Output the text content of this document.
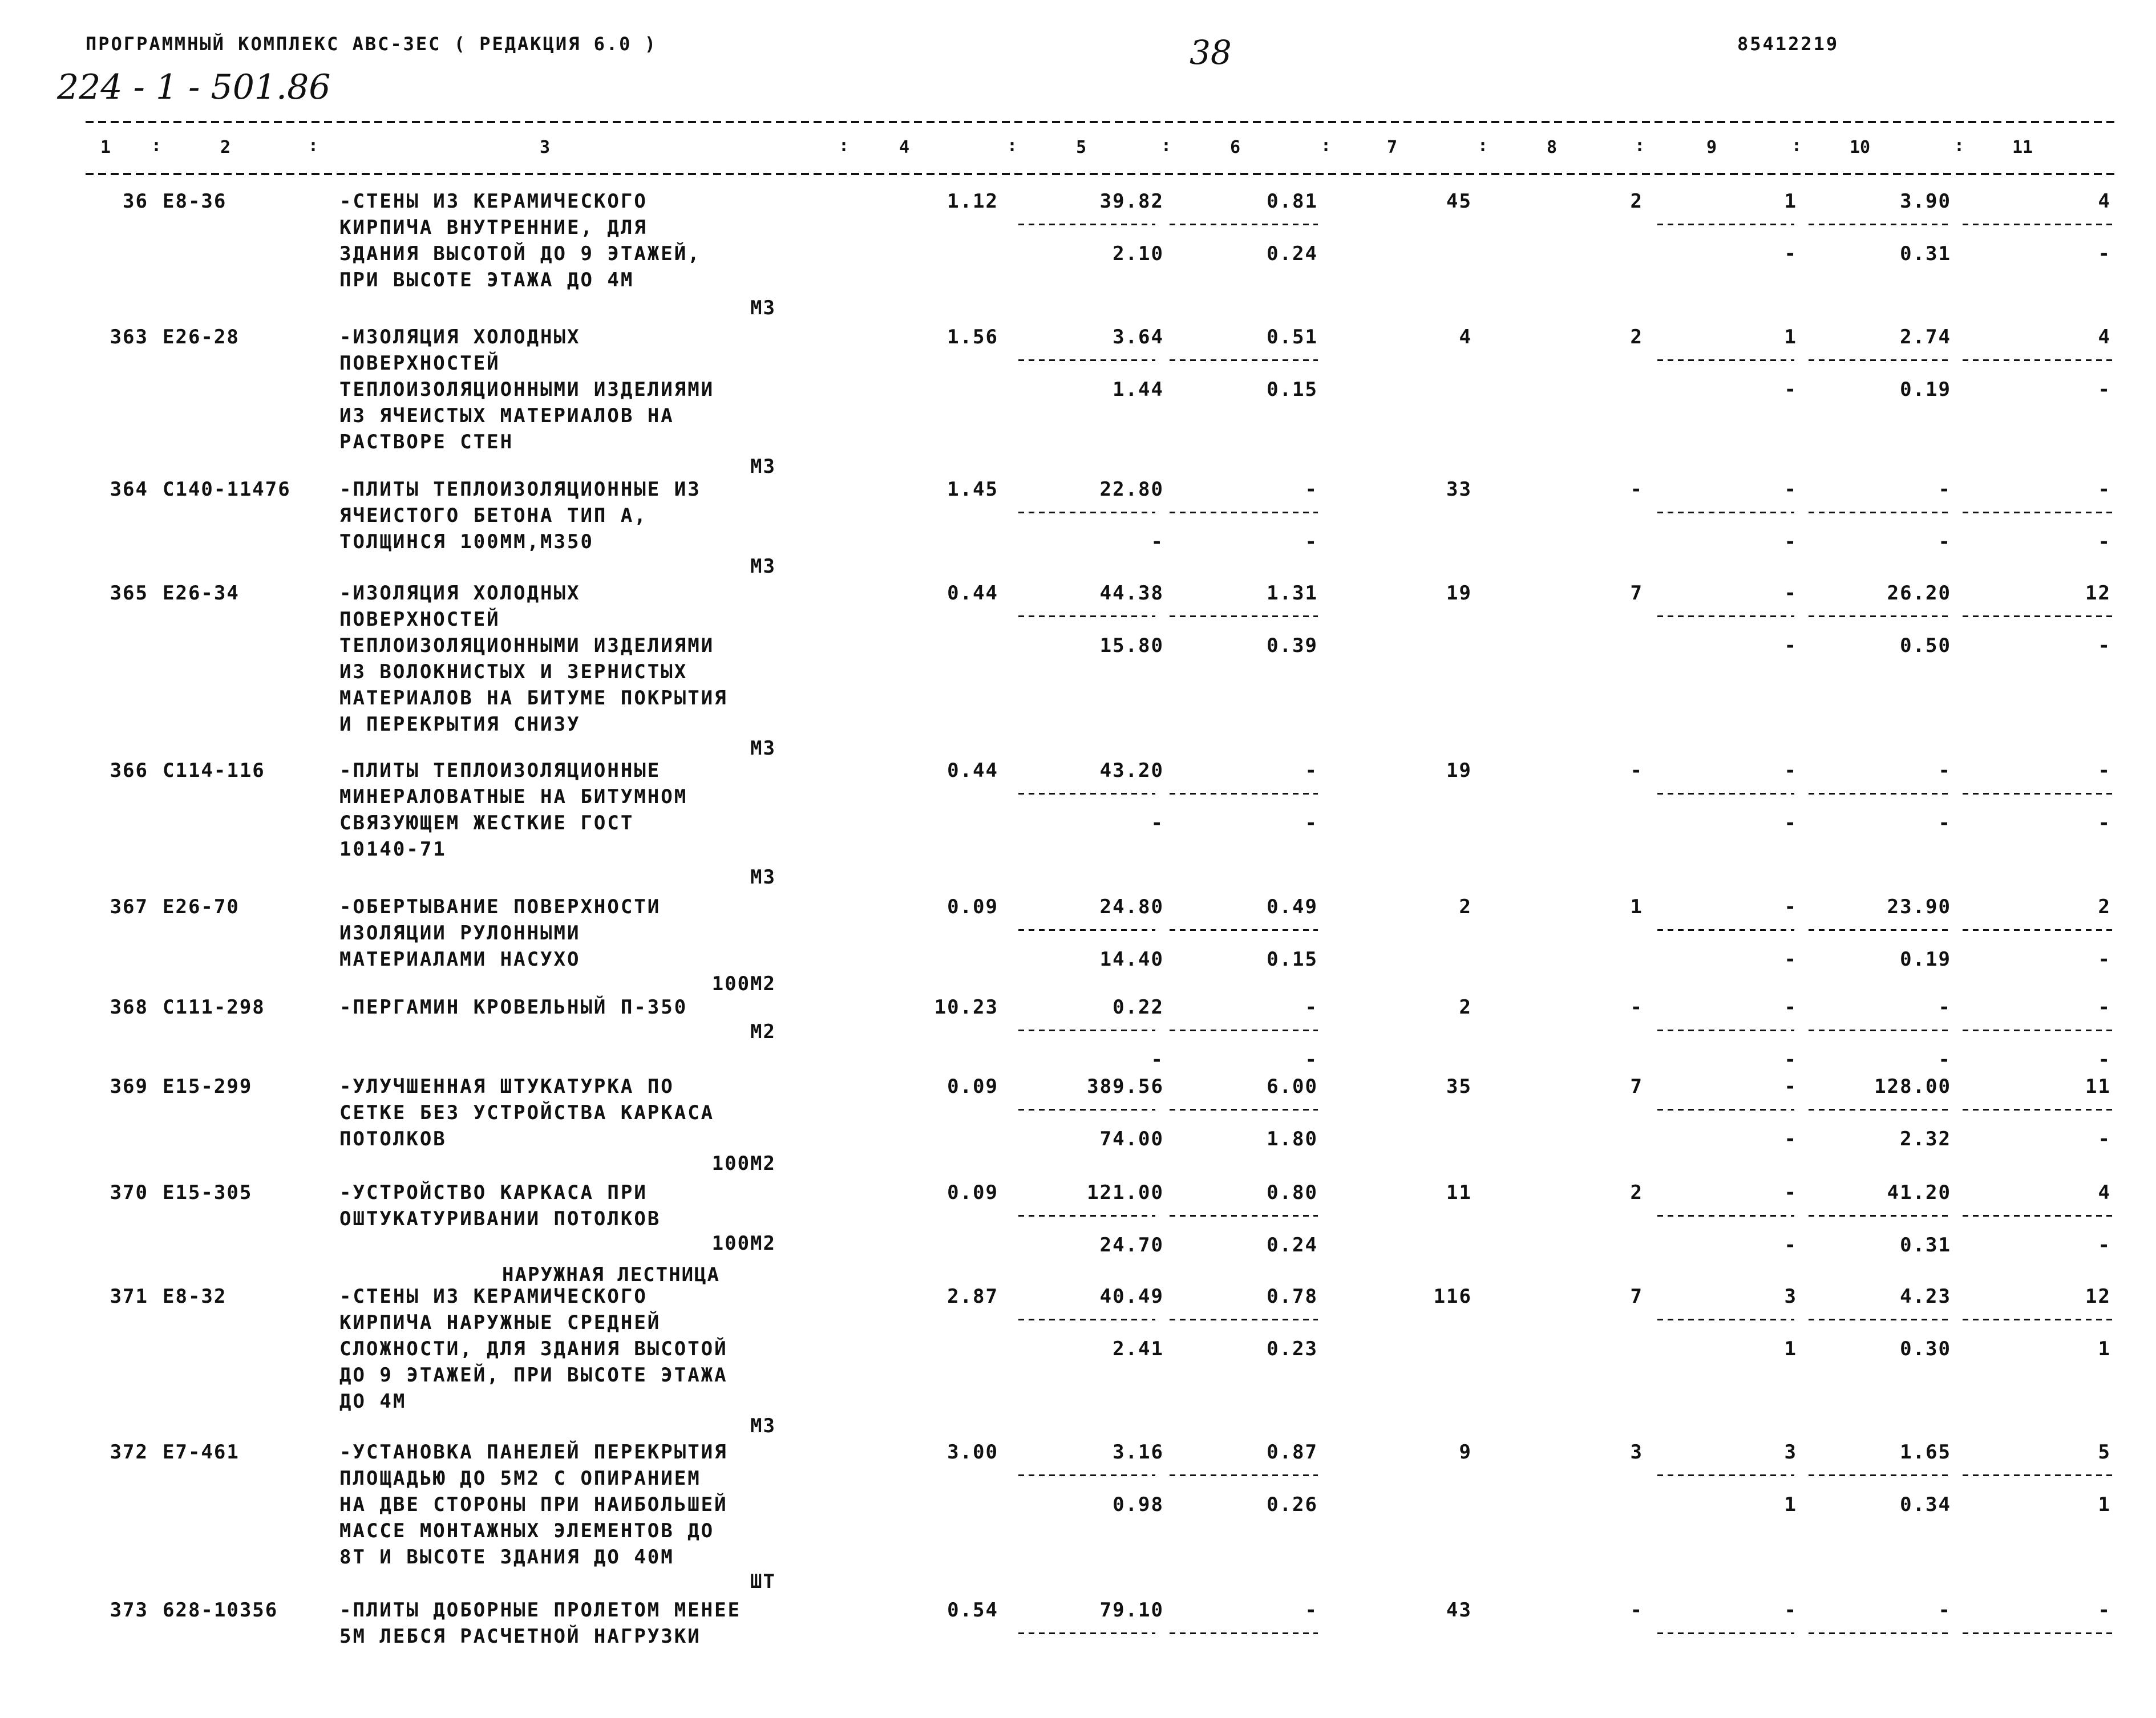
ПРОГРАММНЫЙ КОМПЛЕКС АВС-3ЕС ( РЕДАКЦИЯ 6.0 )	38	85412219
224 - 1 - 501.86
1	2	3	4	5	6	7	8	9	10	11
:	:	:	:	:	:	:	:	:	:
36 Е8-36	-СТЕНЫ ИЗ КЕРАМИЧЕСКОГО
КИРПИЧА ВНУТРЕННИЕ, ДЛЯ
ЗДАНИЯ ВЫСОТОЙ ДО 9 ЭТАЖЕЙ,
ПРИ ВЫСОТЕ ЭТАЖА ДО 4М
М3
1.12	39.82	0.81	45	2	1	3.90	4
2.10	0.24	-	0.31	-
363 Е26-28	-ИЗОЛЯЦИЯ ХОЛОДНЫХ
ПОВЕРХНОСТЕЙ
ТЕПЛОИЗОЛЯЦИОННЫМИ ИЗДЕЛИЯМИ
ИЗ ЯЧЕИСТЫХ МАТЕРИАЛОВ НА
РАСТВОРЕ СТЕН
М3
1.56	3.64	0.51	4	2	1	2.74	4
1.44	0.15	-	0.19	-
364 С140-11476	-ПЛИТЫ ТЕПЛОИЗОЛЯЦИОННЫЕ ИЗ
ЯЧЕИСТОГО БЕТОНА ТИП А,
ТОЛЩИНСЯ 100ММ,М350
М3
1.45	22.80	-	33	-	-	-	-
-	-	-	-	-
365 Е26-34	-ИЗОЛЯЦИЯ ХОЛОДНЫХ
ПОВЕРХНОСТЕЙ
ТЕПЛОИЗОЛЯЦИОННЫМИ ИЗДЕЛИЯМИ
ИЗ ВОЛОКНИСТЫХ И ЗЕРНИСТЫХ
МАТЕРИАЛОВ НА БИТУМЕ ПОКРЫТИЯ
И ПЕРЕКРЫТИЯ СНИЗУ
М3
0.44	44.38	1.31	19	7	-	26.20	12
15.80	0.39	-	0.50	-
366 С114-116	-ПЛИТЫ ТЕПЛОИЗОЛЯЦИОННЫЕ
МИНЕРАЛОВАТНЫЕ НА БИТУМНОМ
СВЯЗУЮЩЕМ ЖЕСТКИЕ ГОСТ
10140-71
М3
0.44	43.20	-	19	-	-	-	-
-	-	-	-	-
367 Е26-70	-ОБЕРТЫВАНИЕ ПОВЕРХНОСТИ
ИЗОЛЯЦИИ РУЛОННЫМИ
МАТЕРИАЛАМИ НАСУХО
100М2
0.09	24.80	0.49	2	1	-	23.90	2
14.40	0.15	-	0.19	-
368 С111-298	-ПЕРГАМИН КРОВЕЛЬНЫЙ П-350
М2
10.23	0.22	-	2	-	-	-	-
-	-	-	-	-
369 Е15-299	-УЛУЧШЕННАЯ ШТУКАТУРКА ПО
СЕТКЕ БЕЗ УСТРОЙСТВА КАРКАСА
ПОТОЛКОВ
100М2
0.09	389.56	6.00	35	7	-	128.00	11
74.00	1.80	-	2.32	-
370 Е15-305	-УСТРОЙСТВО КАРКАСА ПРИ
ОШТУКАТУРИВАНИИ ПОТОЛКОВ
100М2
0.09	121.00	0.80	11	2	-	41.20	4
24.70	0.24	-	0.31	-
371 Е8-32	-СТЕНЫ ИЗ КЕРАМИЧЕСКОГО
КИРПИЧА НАРУЖНЫЕ СРЕДНЕЙ
СЛОЖНОСТИ, ДЛЯ ЗДАНИЯ ВЫСОТОЙ
ДО 9 ЭТАЖЕЙ, ПРИ ВЫСОТЕ ЭТАЖА
ДО 4М
М3
2.87	40.49	0.78	116	7	3	4.23	12
2.41	0.23	1	0.30	1
372 Е7-461	-УСТАНОВКА ПАНЕЛЕЙ ПЕРЕКРЫТИЯ
ПЛОЩАДЬЮ ДО 5М2 С ОПИРАНИЕМ
НА ДВЕ СТОРОНЫ ПРИ НАИБОЛЬШЕЙ
МАССЕ МОНТАЖНЫХ ЭЛЕМЕНТОВ ДО
8Т И ВЫСОТЕ ЗДАНИЯ ДО 40М
ШТ
3.00	3.16	0.87	9	3	3	1.65	5
0.98	0.26	1	0.34	1
373 628-10356	-ПЛИТЫ ДОБОРНЫЕ ПРОЛЕТОМ МЕНЕЕ
5М ЛЕБСЯ РАСЧЕТНОЙ НАГРУЗКИ
0.54	79.10	-	43	-	-	-	-
НАРУЖНАЯ ЛЕСТНИЦА
